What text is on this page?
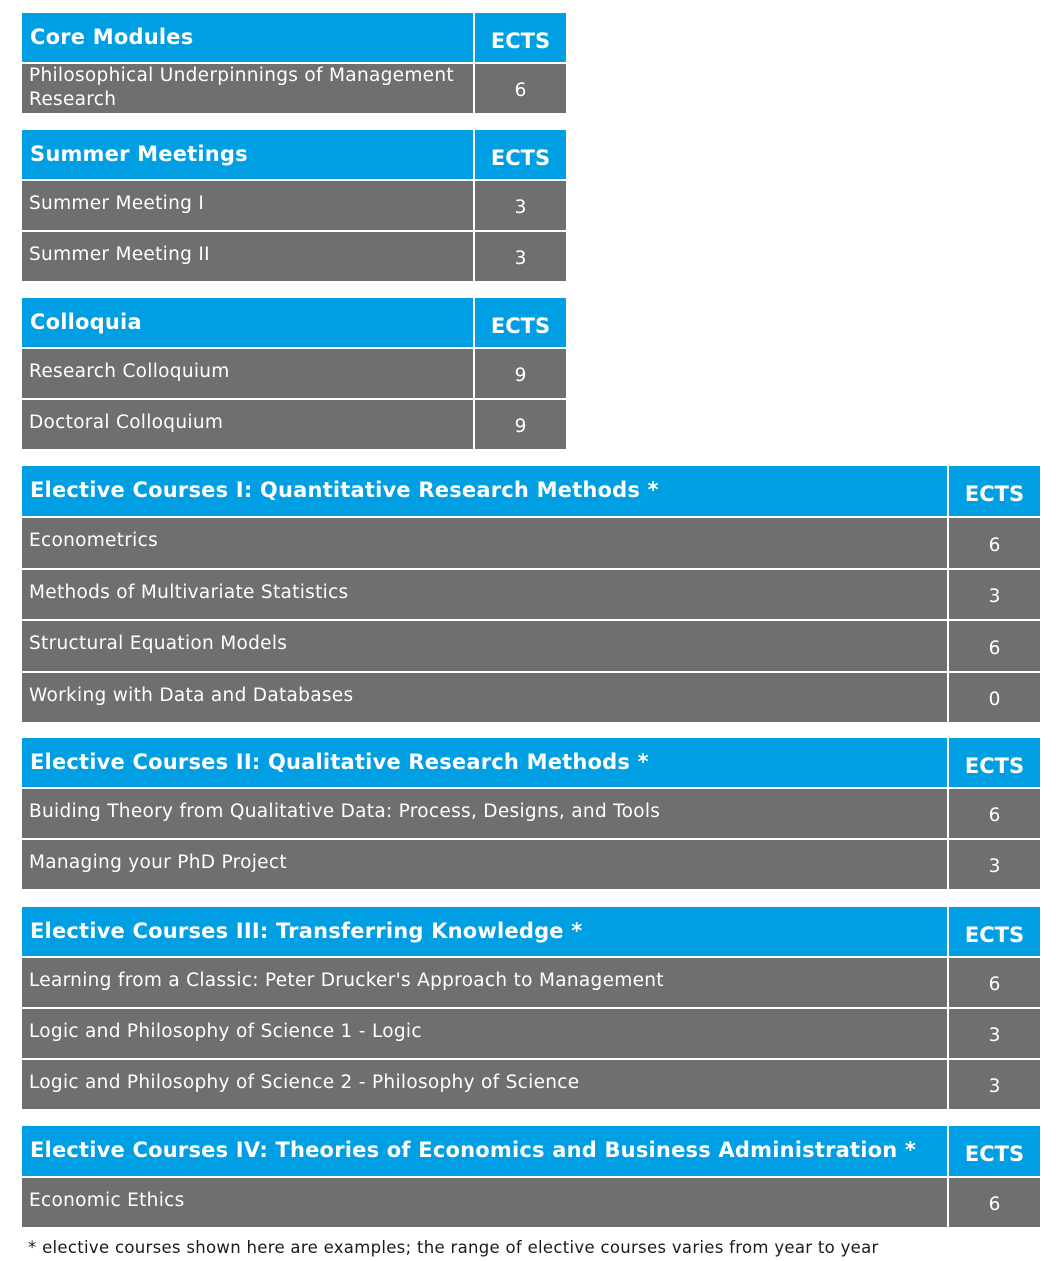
Core Modules	ECTS
Philosophical Underpinnings of Management Research	6
Summer Meetings	ECTS
Summer Meeting I	3
Summer Meeting II	3
Colloquia	ECTS
Research Colloquium	9
Doctoral Colloquium	9
Elective Courses I: Quantitative Research Methods *	ECTS
Econometrics	6
Methods of Multivariate Statistics	3
Structural Equation Models	6
Working with Data and Databases	0
Elective Courses II: Qualitative Research Methods *	ECTS
Buiding Theory from Qualitative Data: Process, Designs, and Tools	6
Managing your PhD Project	3
Elective Courses III: Transferring Knowledge *	ECTS
Learning from a Classic: Peter Drucker's Approach to Management	6
Logic and Philosophy of Science 1 - Logic	3
Logic and Philosophy of Science 2 - Philosophy of Science	3
Elective Courses IV: Theories of Economics and Business Administration *	ECTS
Economic Ethics	6
* elective courses shown here are examples; the range of elective courses varies from year to year
